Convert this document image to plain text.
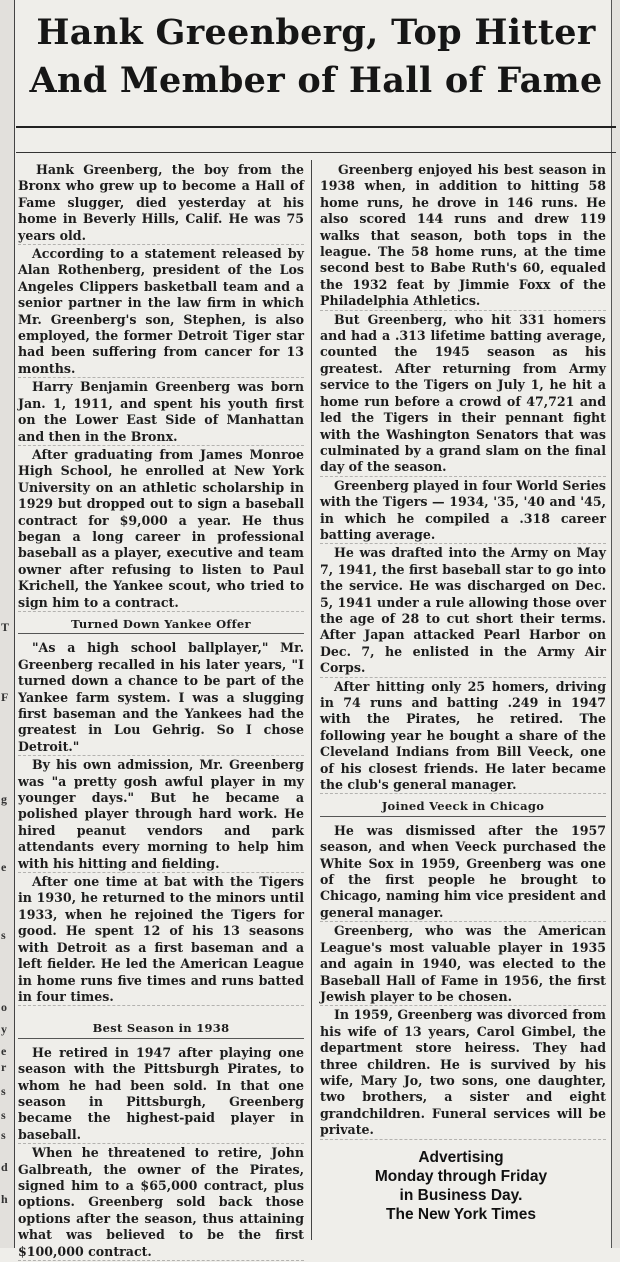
T
F
g
e
s
o
y
e
r
s
s
s
d
h
Hank Greenberg, Top Hitter
And Member of Hall of Fame

Hank Greenberg, the boy from the Bronx who grew up to become a Hall of Fame slugger, died yesterday at his home in Beverly Hills, Calif. He was 75 years old.

According to a statement released by Alan Rothenberg, president of the Los Angeles Clippers basketball team and a senior partner in the law firm in which Mr. Greenberg's son, Stephen, is also employed, the former Detroit Tiger star had been suffering from cancer for 13 months.

Harry Benjamin Greenberg was born Jan. 1, 1911, and spent his youth first on the Lower East Side of Manhattan and then in the Bronx.

After graduating from James Monroe High School, he enrolled at New York University on an athletic scholarship in 1929 but dropped out to sign a baseball contract for $9,000 a year. He thus began a long career in professional baseball as a player, executive and team owner after refusing to listen to Paul Krichell, the Yankee scout, who tried to sign him to a contract.

Turned Down Yankee Offer

"As a high school ballplayer," Mr. Greenberg recalled in his later years, "I turned down a chance to be part of the Yankee farm system. I was a slugging first baseman and the Yankees had the greatest in Lou Gehrig. So I chose Detroit."

By his own admission, Mr. Greenberg was "a pretty gosh awful player in my younger days." But he became a polished player through hard work. He hired peanut vendors and park attendants every morning to help him with his hitting and fielding.

After one time at bat with the Tigers in 1930, he returned to the minors until 1933, when he rejoined the Tigers for good. He spent 12 of his 13 seasons with Detroit as a first baseman and a left fielder. He led the American League in home runs five times and runs batted in four times.

Best Season in 1938

He retired in 1947 after playing one season with the Pittsburgh Pirates, to whom he had been sold. In that one season in Pittsburgh, Greenberg became the highest-paid player in baseball.

When he threatened to retire, John Galbreath, the owner of the Pirates, signed him to a $65,000 contract, plus options. Greenberg sold back those options after the season, thus attaining what was believed to be the first $100,000 contract.

Greenberg enjoyed his best season in 1938 when, in addition to hitting 58 home runs, he drove in 146 runs. He also scored 144 runs and drew 119 walks that season, both tops in the league. The 58 home runs, at the time second best to Babe Ruth's 60, equaled the 1932 feat by Jimmie Foxx of the Philadelphia Athletics.

But Greenberg, who hit 331 homers and had a .313 lifetime batting average, counted the 1945 season as his greatest. After returning from Army service to the Tigers on July 1, he hit a home run before a crowd of 47,721 and led the Tigers in their pennant fight with the Washington Senators that was culminated by a grand slam on the final day of the season.

Greenberg played in four World Series with the Tigers — 1934, '35, '40 and '45, in which he compiled a .318 career batting average.

He was drafted into the Army on May 7, 1941, the first baseball star to go into the service. He was discharged on Dec. 5, 1941 under a rule allowing those over the age of 28 to cut short their terms. After Japan attacked Pearl Harbor on Dec. 7, he enlisted in the Army Air Corps.

After hitting only 25 homers, driving in 74 runs and batting .249 in 1947 with the Pirates, he retired. The following year he bought a share of the Cleveland Indians from Bill Veeck, one of his closest friends. He later became the club's general manager.

Joined Veeck in Chicago

He was dismissed after the 1957 season, and when Veeck purchased the White Sox in 1959, Greenberg was one of the first people he brought to Chicago, naming him vice president and general manager.

Greenberg, who was the American League's most valuable player in 1935 and again in 1940, was elected to the Baseball Hall of Fame in 1956, the first Jewish player to be chosen.

In 1959, Greenberg was divorced from his wife of 13 years, Carol Gimbel, the department store heiress. They had three children. He is survived by his wife, Mary Jo, two sons, one daughter, two brothers, a sister and eight grandchildren. Funeral services will be private.

Advertising
Monday through Friday
in Business Day.
The New York Times
